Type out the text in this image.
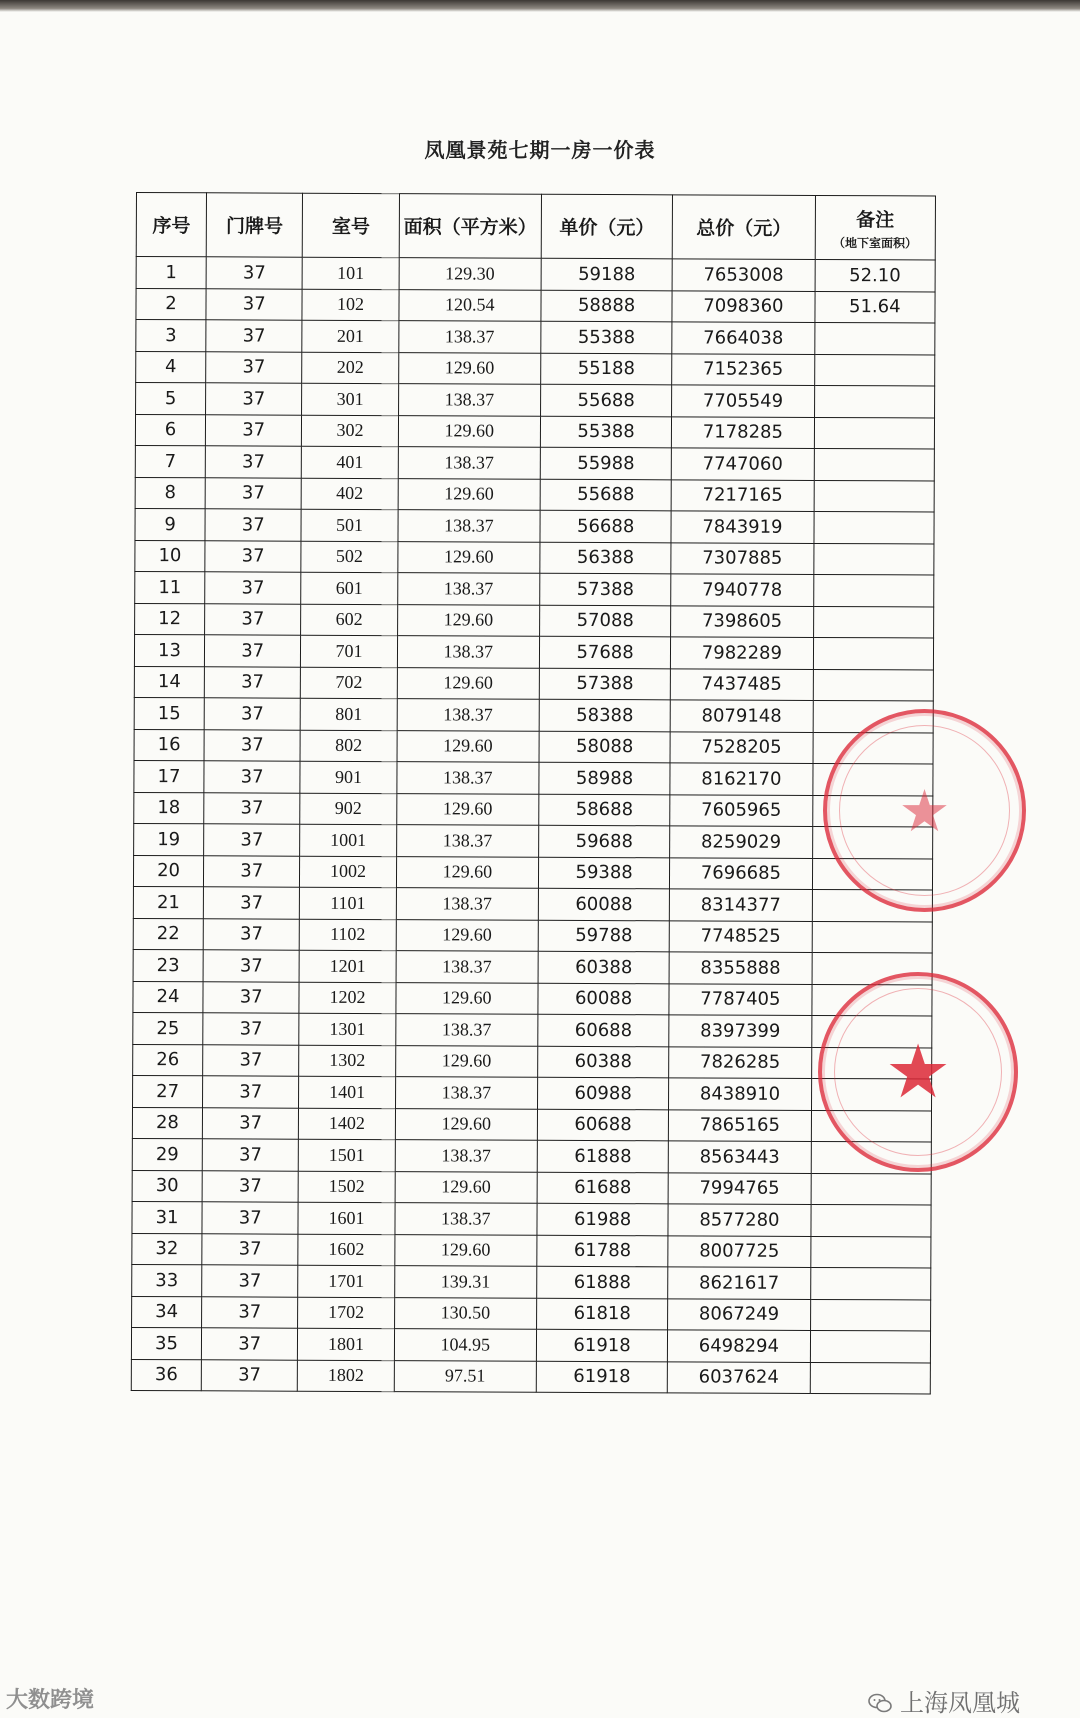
凤凰景苑七期一房一价表
序号	门牌号	室号	面积（平方米）	单价（元）	总价（元）	备注
（地下室面积）

1	37	101	129.30	59188	7653008	52.10
2	37	102	120.54	58888	7098360	51.64
3	37	201	138.37	55388	7664038	
4	37	202	129.60	55188	7152365	
5	37	301	138.37	55688	7705549	
6	37	302	129.60	55388	7178285	
7	37	401	138.37	55988	7747060	
8	37	402	129.60	55688	7217165	
9	37	501	138.37	56688	7843919	
10	37	502	129.60	56388	7307885	
11	37	601	138.37	57388	7940778	
12	37	602	129.60	57088	7398605	
13	37	701	138.37	57688	7982289	
14	37	702	129.60	57388	7437485	
15	37	801	138.37	58388	8079148	
16	37	802	129.60	58088	7528205	
17	37	901	138.37	58988	8162170	
18	37	902	129.60	58688	7605965	
19	37	1001	138.37	59688	8259029	
20	37	1002	129.60	59388	7696685	
21	37	1101	138.37	60088	8314377	
22	37	1102	129.60	59788	7748525	
23	37	1201	138.37	60388	8355888	
24	37	1202	129.60	60088	7787405	
25	37	1301	138.37	60688	8397399	
26	37	1302	129.60	60388	7826285	
27	37	1401	138.37	60988	8438910	
28	37	1402	129.60	60688	7865165	
29	37	1501	138.37	61888	8563443	
30	37	1502	129.60	61688	7994765	
31	37	1601	138.37	61988	8577280	
32	37	1602	129.60	61788	8007725	
33	37	1701	139.31	61888	8621617	
34	37	1702	130.50	61818	8067249	
35	37	1801	104.95	61918	6498294	
36	37	1802	97.51	61918	6037624	
★
★
大数跨境	上海凤凰城
